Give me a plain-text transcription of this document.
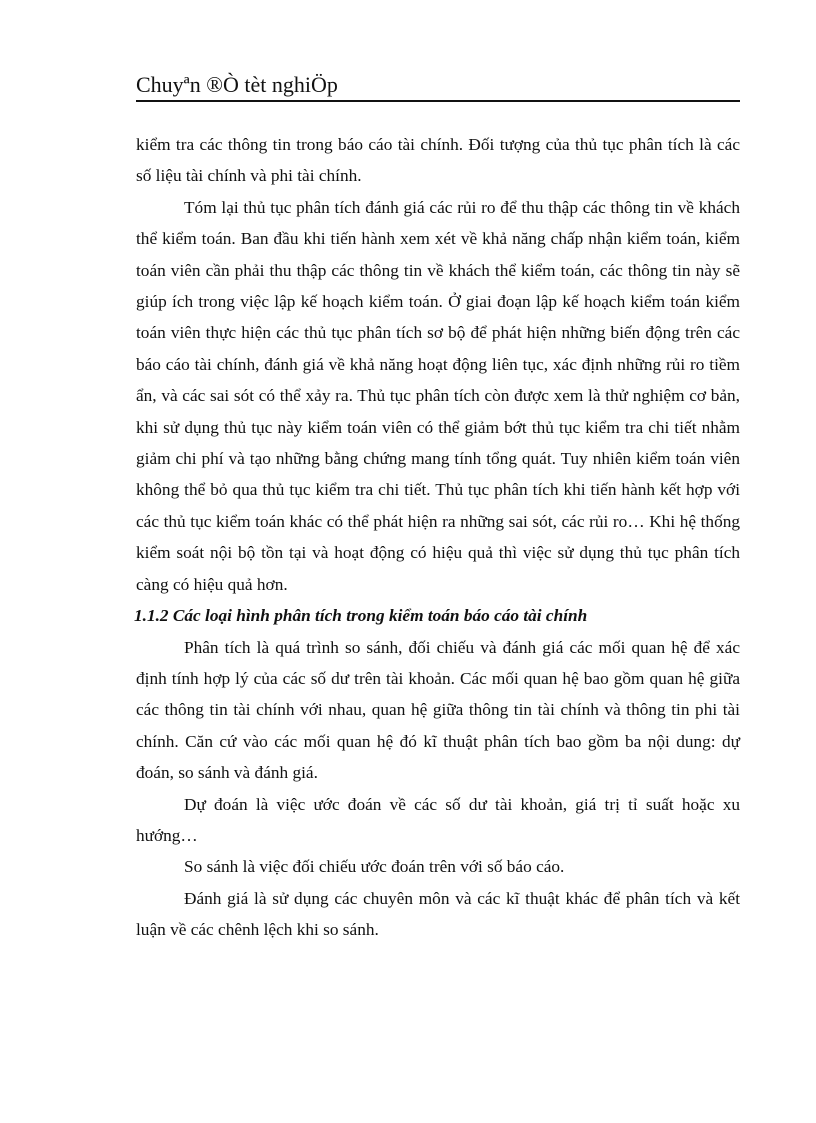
Chuyªn ®Ò tèt nghiÖp

kiểm tra các thông tin trong báo cáo tài chính. Đối tượng của thủ tục phân tích là các số liệu tài chính và phi tài chính.

Tóm lại thủ tục phân tích đánh giá các rủi ro để thu thập các thông tin về khách thể kiểm toán. Ban đầu khi tiến hành xem xét về khả năng chấp nhận kiểm toán, kiểm toán viên cần phải thu thập các thông tin về khách thể kiểm toán, các thông tin này sẽ giúp ích trong việc lập kế hoạch kiểm toán. Ở giai đoạn lập kế hoạch kiểm toán kiểm toán viên thực hiện các thủ tục phân tích sơ bộ để phát hiện những biến động trên các báo cáo tài chính, đánh giá về khả năng hoạt động liên tục, xác định những rủi ro tiềm ẩn, và các sai sót có thể xảy ra. Thủ tục phân tích còn được xem là thử nghiệm cơ bản, khi sử dụng thủ tục này kiểm toán viên có thể giảm bớt thủ tục kiểm tra chi tiết nhằm giảm chi phí và tạo những bằng chứng mang tính tổng quát. Tuy nhiên kiểm toán viên không thể bỏ qua thủ tục kiểm tra chi tiết. Thủ tục phân tích khi tiến hành kết hợp với các thủ tục kiểm toán khác có thể phát hiện ra những sai sót, các rủi ro… Khi hệ thống kiểm soát nội bộ tồn tại và hoạt động có hiệu quả thì việc sử dụng thủ tục phân tích càng có hiệu quả hơn.

1.1.2 Các loại hình phân tích trong kiểm toán báo cáo tài chính

Phân tích là quá trình so sánh, đối chiếu và đánh giá các mối quan hệ để xác định tính hợp lý của các số dư trên tài khoản. Các mối quan hệ bao gồm quan hệ giữa các thông tin tài chính với nhau, quan hệ giữa thông tin tài chính và thông tin phi tài chính. Căn cứ vào các mối quan hệ đó kĩ thuật phân tích bao gồm ba nội dung: dự đoán, so sánh và đánh giá.

Dự đoán là việc ước đoán về các số dư tài khoản, giá trị tỉ suất hoặc xu hướng…

So sánh là việc đối chiếu ước đoán trên với số báo cáo.

Đánh giá là sử dụng các chuyên môn và các kĩ thuật khác để phân tích và kết luận về các chênh lệch khi so sánh.
